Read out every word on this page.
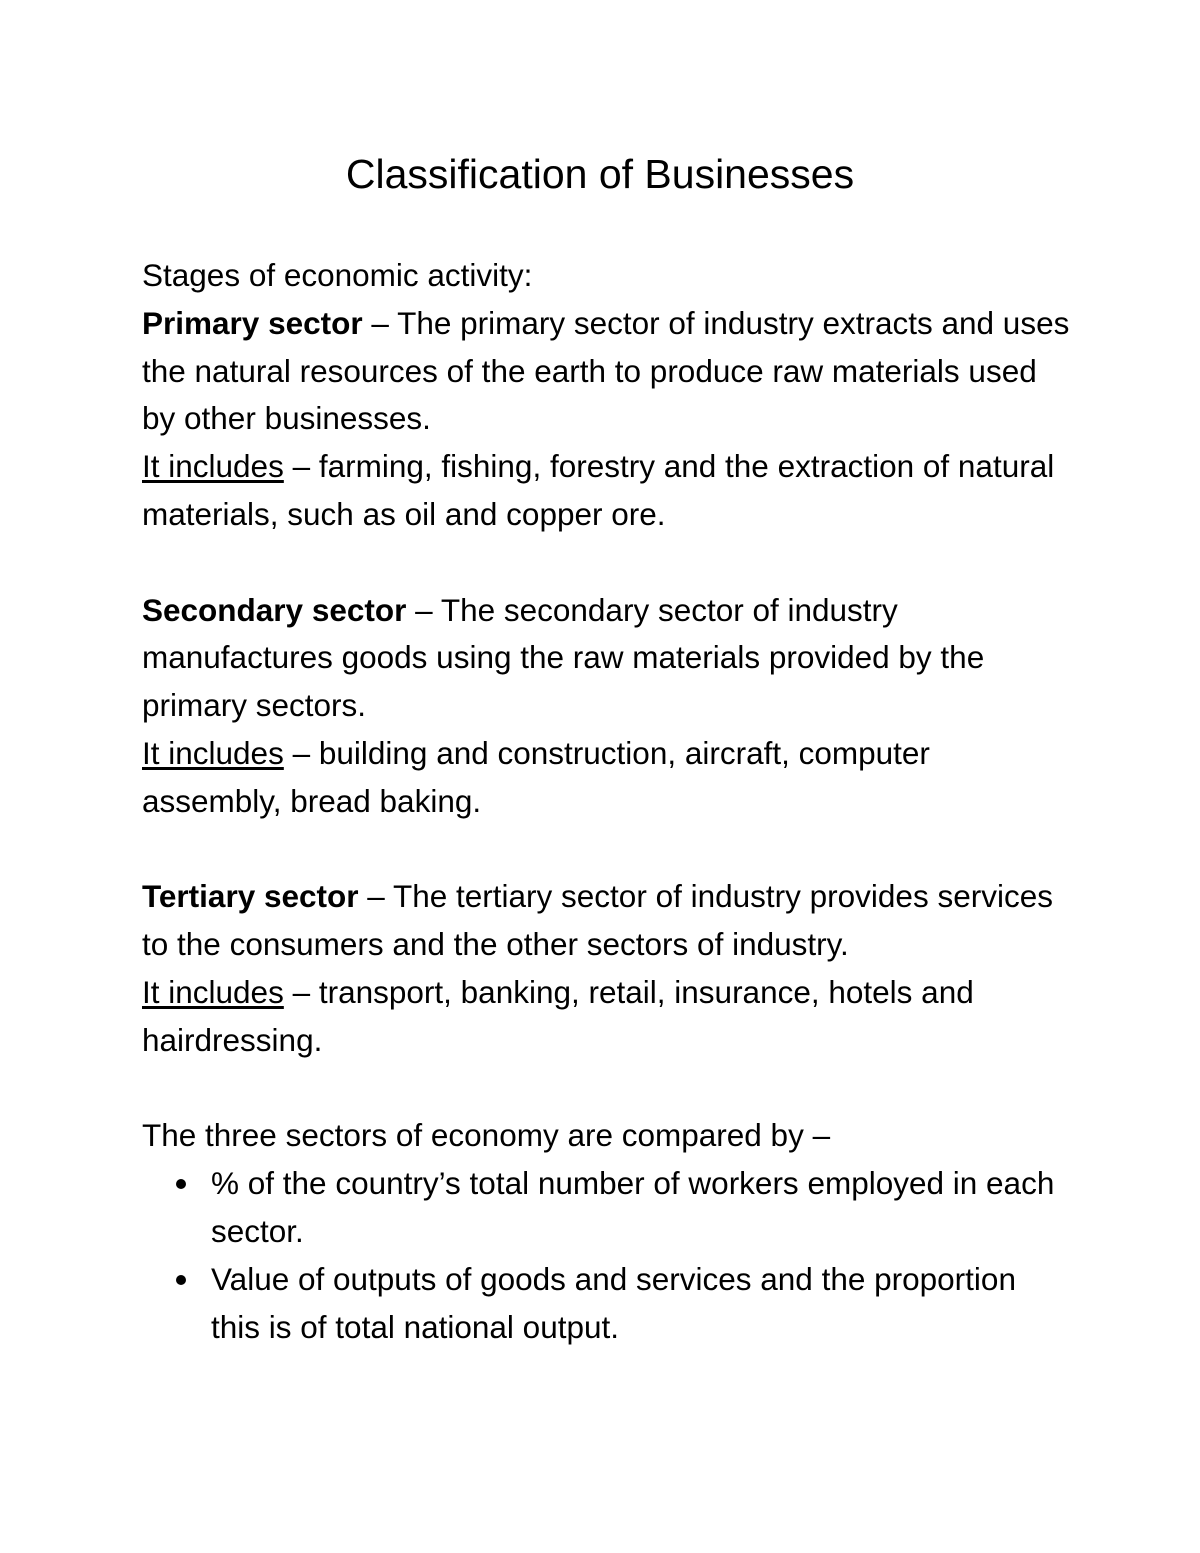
Classification of Businesses

Stages of economic activity:

Primary sector – The primary sector of industry extracts and uses the natural resources of the earth to produce raw materials used by other businesses.

It includes – farming, fishing, forestry and the extraction of natural materials, such as oil and copper ore.

Secondary sector – The secondary sector of industry manufactures goods using the raw materials provided by the primary sectors.

It includes – building and construction, aircraft, computer assembly, bread baking.

Tertiary sector – The tertiary sector of industry provides services to the consumers and the other sectors of industry.

It includes – transport, banking, retail, insurance, hotels and hairdressing.

The three sectors of economy are compared by –

% of the country’s total number of workers employed in each sector.
Value of outputs of goods and services and the proportion this is of total national output.
